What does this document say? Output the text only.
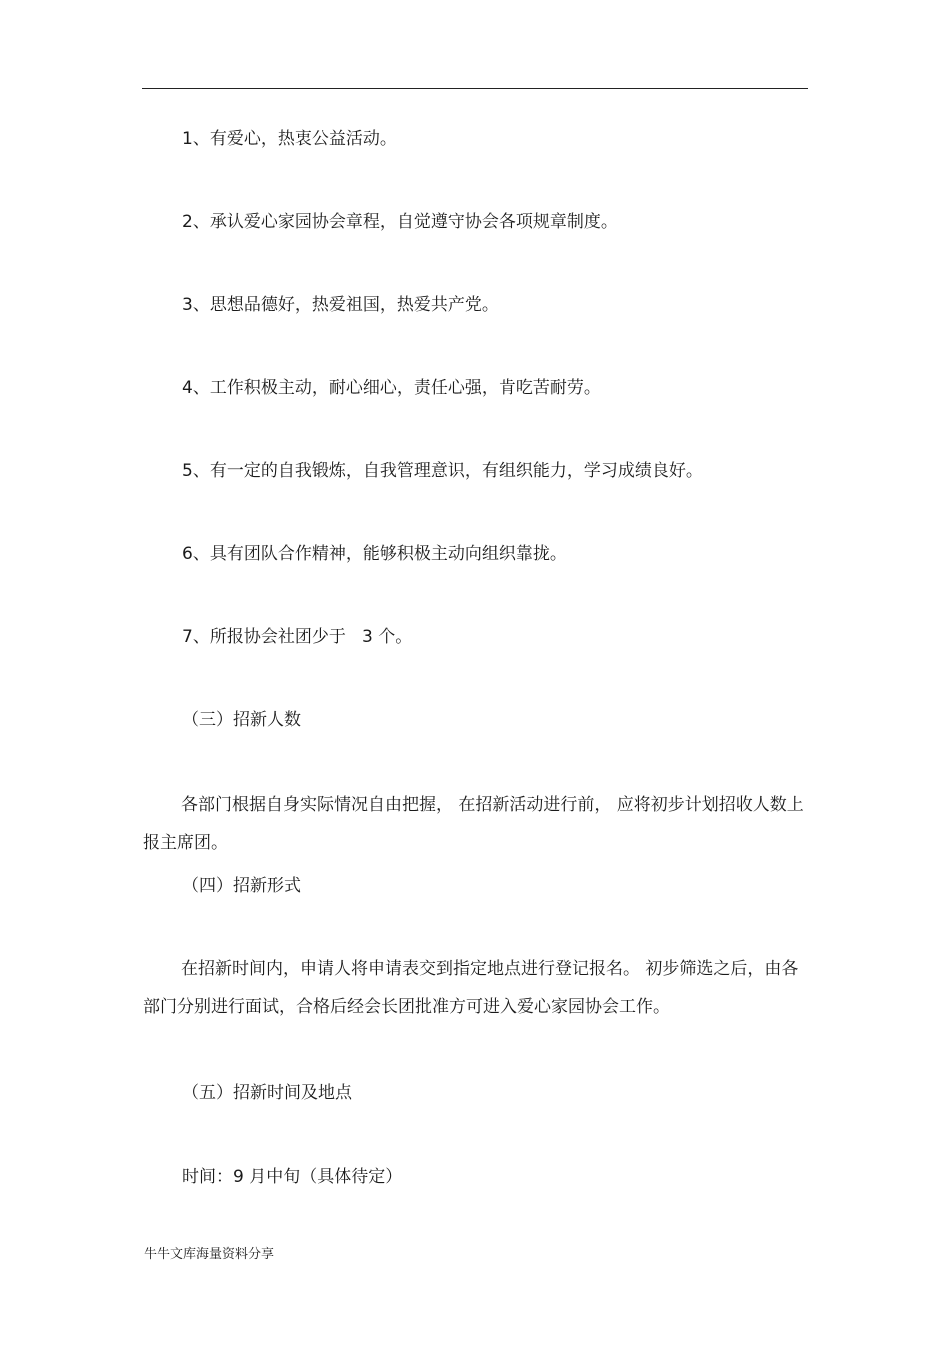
1、有爱心，热衷公益活动。
2、承认爱心家园协会章程，自觉遵守协会各项规章制度。
3、思想品德好，热爱祖国，热爱共产党。
4、工作积极主动，耐心细心，责任心强，肯吃苦耐劳。
5、有一定的自我锻炼，自我管理意识，有组织能力，学习成绩良好。
6、具有团队合作精神，能够积极主动向组织靠拢。
7、所报协会社团少于   3 个。
（三）招新人数
各部门根据自身实际情况自由把握， 在招新活动进行前， 应将初步计划招收人数上报主席团。
（四）招新形式
在招新时间内，申请人将申请表交到指定地点进行登记报名。 初步筛选之后，由各部门分别进行面试，合格后经会长团批准方可进入爱心家园协会工作。
（五）招新时间及地点
时间：9 月中旬（具体待定）
牛牛文库海量资料分享
